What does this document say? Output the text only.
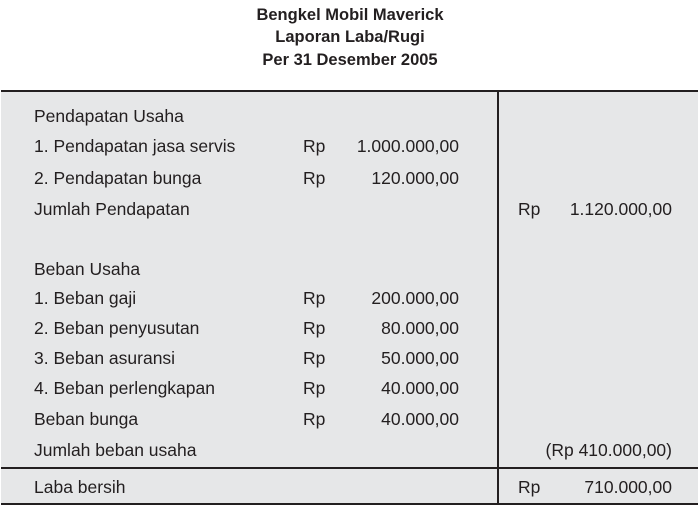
Bengkel Mobil Maverick
Laporan Laba/Rugi
Per 31 Desember 2005
Pendapatan Usaha
1. Pendapatan jasa servis	Rp	1.000.000,00
2. Pendapatan bunga	Rp	120.000,00
Jumlah Pendapatan	Rp	1.120.000,00
Beban Usaha
1. Beban gaji	Rp	200.000,00
2. Beban penyusutan	Rp	80.000,00
3. Beban asuransi	Rp	50.000,00
4. Beban perlengkapan	Rp	40.000,00
Beban bunga	Rp	40.000,00
Jumlah beban usaha	(Rp 410.000,00)
Laba bersih	Rp	710.000,00
